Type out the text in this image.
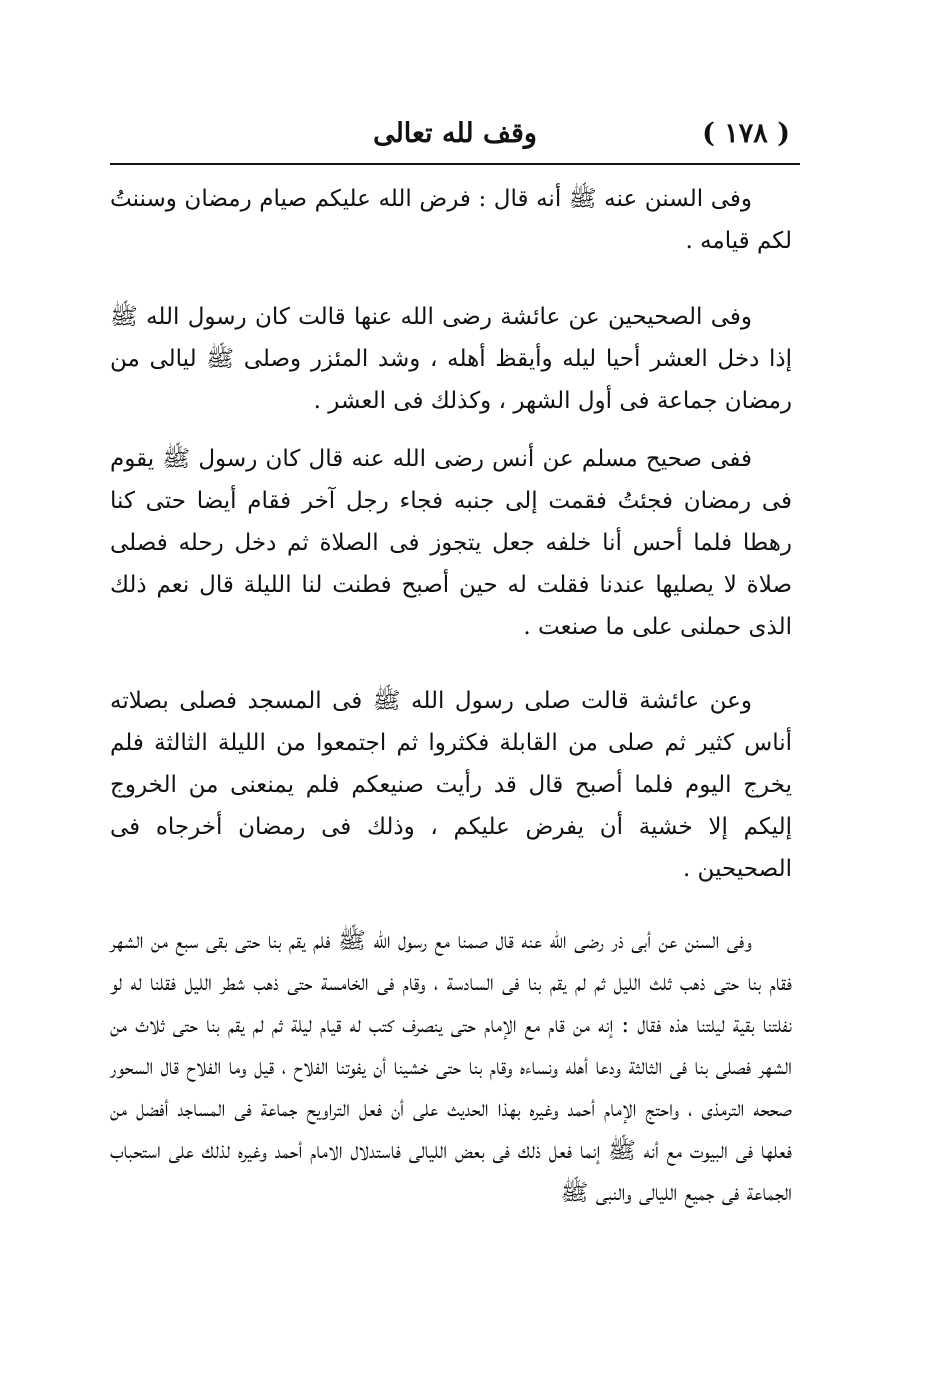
وقف لله تعالى	( ١٧٨ )

وفى السنن عنه ﷺ أنه قال : فرض الله عليكم صيام رمضان وسننتُ لكم قيامه .

وفى الصحيحين عن عائشة رضى الله عنها قالت كان رسول الله ﷺ إذا دخل العشر أحيا ليله وأيقظ أهله ، وشد المئزر وصلى ﷺ ليالى من رمضان جماعة فى أول الشهر ، وكذلك فى العشر .

ففى صحيح مسلم عن أنس رضى الله عنه قال كان رسول ﷺ يقوم فى رمضان فجئتُ فقمت إلى جنبه فجاء رجل آخر فقام أيضا حتى كنا رهطا فلما أحس أنا خلفه جعل يتجوز فى الصلاة ثم دخل رحله فصلى صلاة لا يصليها عندنا فقلت له حين أصبح فطنت لنا الليلة قال نعم ذلك الذى حملنى على ما صنعت .

وعن عائشة قالت صلى رسول الله ﷺ فى المسجد فصلى بصلاته أناس كثير ثم صلى من القابلة فكثروا ثم اجتمعوا من الليلة الثالثة فلم يخرج اليوم فلما أصبح قال قد رأيت صنيعكم فلم يمنعنى من الخروج إليكم إلا خشية أن يفرض عليكم ، وذلك فى رمضان أخرجاه فى الصحيحين .

وفى السنن عن أبى ذر رضى الله عنه قال صمنا مع رسول الله ﷺ فلم يقم بنا حتى بقى سبع من الشهر فقام بنا حتى ذهب ثلث الليل ثم لم يقم بنا فى السادسة ، وقام فى الخامسة حتى ذهب شطر الليل فقلنا له لو نفلتنا بقية ليلتنا هذه فقال : إنه من قام مع الإمام حتى ينصرف كتب له قيام ليلة ثم لم يقم بنا حتى ثلاث من الشهر فصلى بنا فى الثالثة ودعا أهله ونساءه وقام بنا حتى خشينا أن يفوتنا الفلاح ، قيل وما الفلاح قال السحور صححه الترمذى ، واحتج الإمام أحمد وغيره بهذا الحديث على أن فعل التراويح جماعة فى المساجد أفضل من فعلها فى البيوت مع أنه ﷺ إنما فعل ذلك فى بعض الليالى فاستدلال الامام أحمد وغيره لذلك على استحباب الجماعة فى جميع الليالى والنبى ﷺ
